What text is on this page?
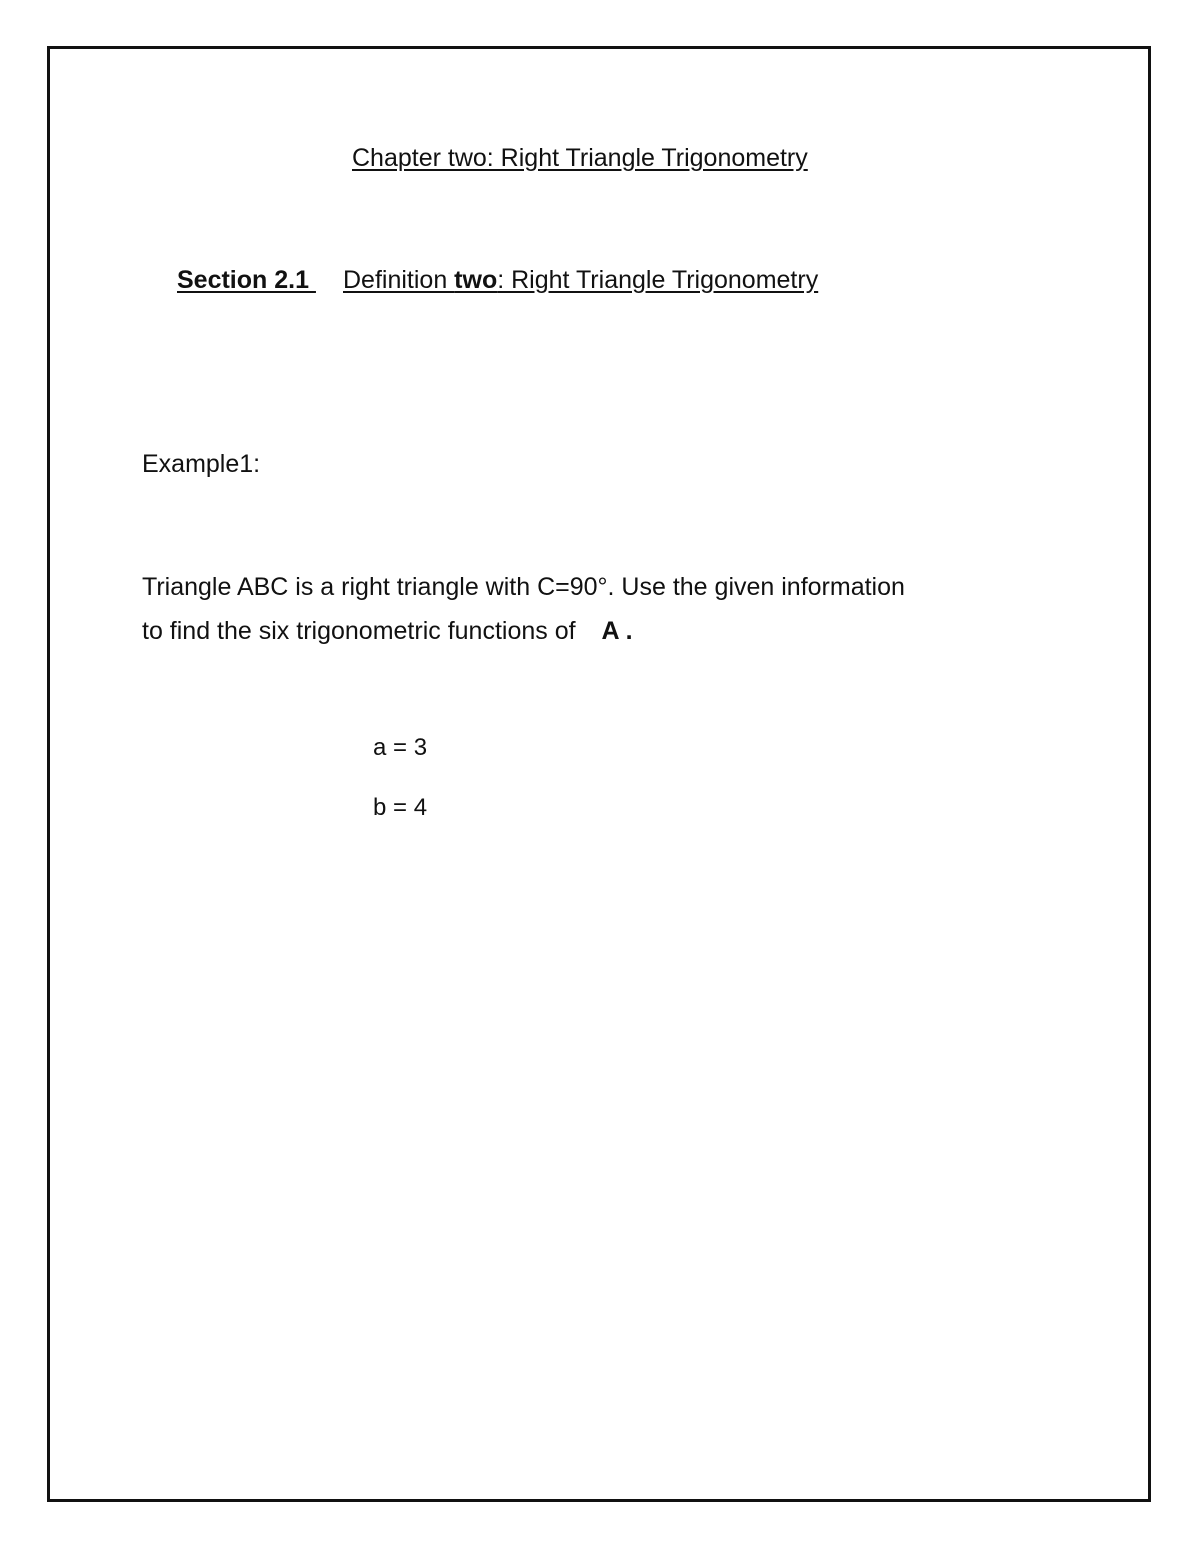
Chapter two: Right Triangle Trigonometry
Section 2.1 Definition two: Right Triangle Trigonometry
Example1:
Triangle ABC is a right triangle with C=90°. Use the given information
to find the six trigonometric functions of A .
a = 3
b = 4
